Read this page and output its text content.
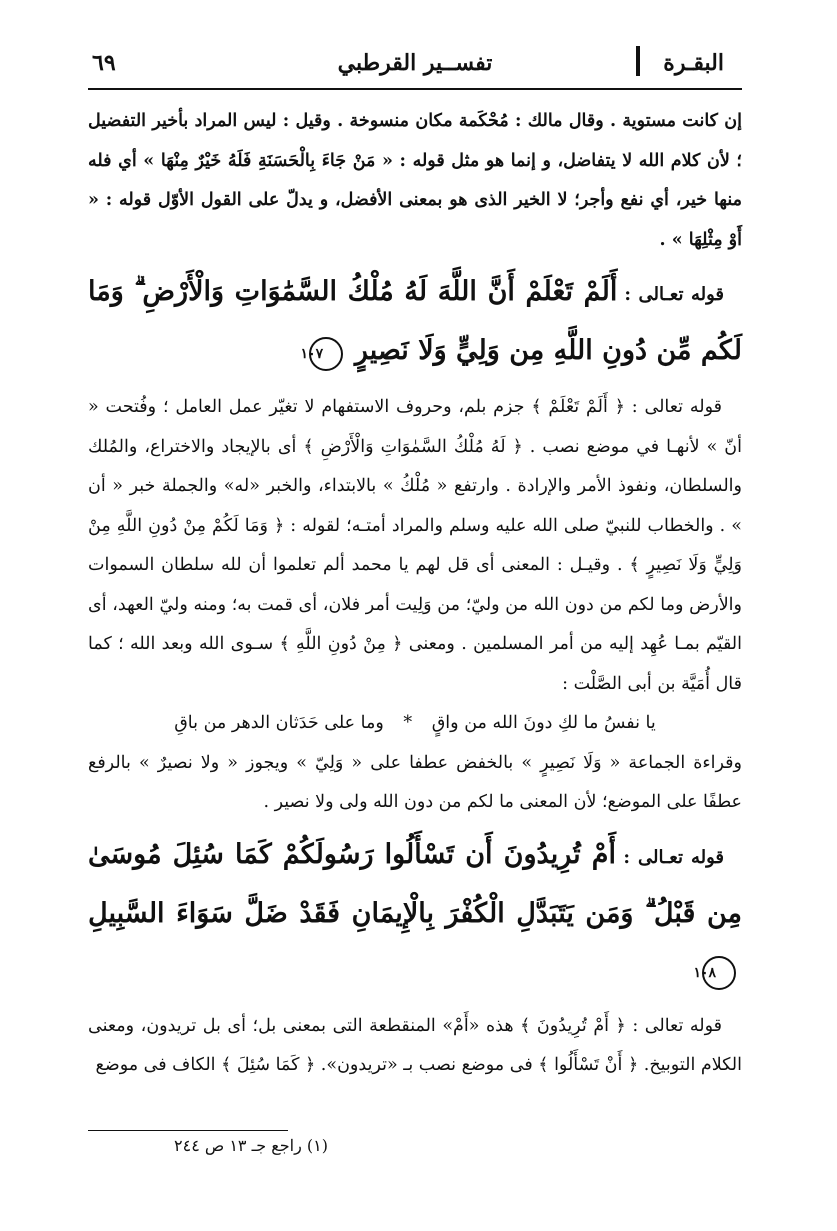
البقـرة
تفســير القرطبي
٦٩

إن كانت مستوية . وقال مالك : مُحْكَمة مكان منسوخة . وقيل : ليس المراد بأخير التفضيل ؛ لأن كلام الله لا يتفاضل، و إنما هو مثل قوله : « مَنْ جَاءَ بِالْحَسَنَةِ فَلَهُ خَيْرٌ مِنْهَا » أي فله منها خير، أي نفع وأجر؛ لا الخير الذى هو بمعنى الأفضل، و يدلّ على القول الأوّل قوله : « أَوْ مِثْلِهَا » .

قوله تعـالى : أَلَمْ تَعْلَمْ أَنَّ اللَّهَ لَهُ مُلْكُ السَّمَٰوَاتِ وَالْأَرْضِ ۗ وَمَا لَكُم مِّن دُونِ اللَّهِ مِن وَلِيٍّ وَلَا نَصِيرٍ ١٠٧

قوله تعالى : ﴿ أَلَمْ تَعْلَمْ ﴾ جزم بلم، وحروف الاستفهام لا تغيّر عمل العامل ؛ وفُتحت « أنّ » لأنهـا في موضع نصب . ﴿ لَهُ مُلْكُ السَّمٰوَاتِ وَالْأَرْضِ ﴾ أى بالإيجاد والاختراع، والمُلك والسلطان، ونفوذ الأمر والإرادة . وارتفع « مُلْكُ » بالابتداء، والخبر «له» والجملة خبر « أن » . والخطاب للنبيّ صلى الله عليه وسلم والمراد أمتـه؛ لقوله : ﴿ وَمَا لَكُمْ مِنْ دُونِ اللَّهِ مِنْ وَلِيٍّ وَلَا نَصِيرٍ ﴾ . وقيـل : المعنى أى قل لهم يا محمد ألم تعلموا أن لله سلطان السموات والأرض وما لكم من دون الله من وليّ؛ من وَلِيت أمر فلان، أى قمت به؛ ومنه وليّ العهد، أى القيّم بمـا عُهِد إليه من أمر المسلمين . ومعنى ﴿ مِنْ دُونِ اللَّهِ ﴾ سـوى الله وبعد الله ؛ كما قال أُمَيَّة بن أبى الصَّلْت :

يا نفسُ ما لكِ دونَ الله من واقٍ * وما على حَدَثان الدهر من باقِ

وقراءة الجماعة « وَلَا نَصِيرٍ » بالخفض عطفا على « وَلِيّ » ويجوز « ولا نصيرٌ » بالرفع عطفًا على الموضع؛ لأن المعنى ما لكم من دون الله ولى ولا نصير .

قوله تعـالى : أَمْ تُرِيدُونَ أَن تَسْأَلُوا رَسُولَكُمْ كَمَا سُئِلَ مُوسَىٰ مِن قَبْلُ ۗ وَمَن يَتَبَدَّلِ الْكُفْرَ بِالْإِيمَانِ فَقَدْ ضَلَّ سَوَاءَ السَّبِيلِ ١٠٨

قوله تعالى : ﴿ أَمْ تُرِيدُونَ ﴾ هذه «أَمْ» المنقطعة التى بمعنى بل؛ أى بل تريدون، ومعنى الكلام التوبيخ. ﴿ أَنْ تَسْأَلُوا ﴾ فى موضع نصب بـ «تريدون». ﴿ كَمَا سُئِلَ ﴾ الكاف فى موضع

(١) راجع جـ ١٣ ص ٢٤٤
